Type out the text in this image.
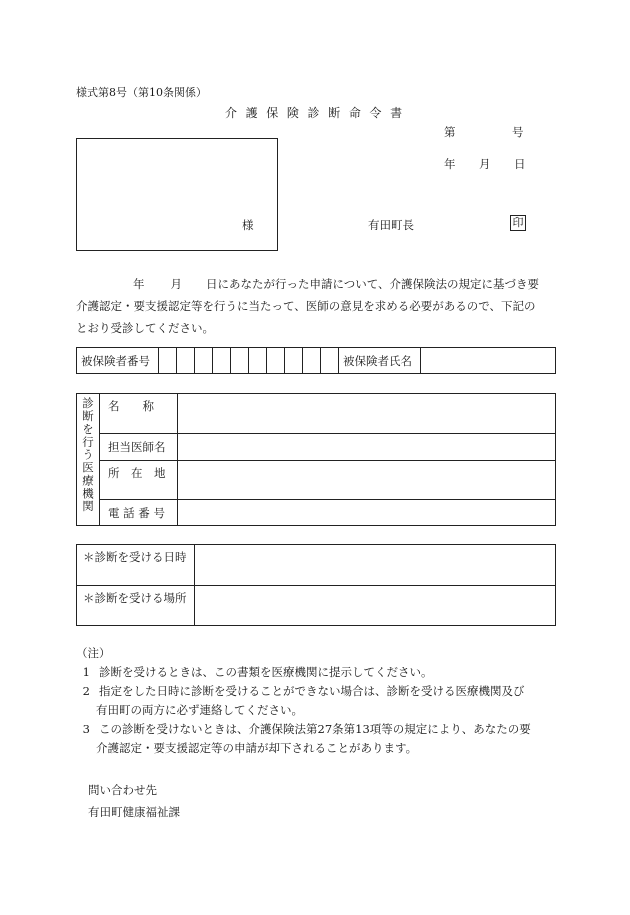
様式第8号（第10条関係）
介護保険診断命令書
第	号
年 月 日
様	有田町長	印

年 月 日にあなたが行った申請について、介護保険法の規定に基づき要

介護認定・要支援認定等を行うに当たって、医師の意見を求める必要があるので、下記の

とおり受診してください。

被保険者番号											被保険者氏名	
診断を行う医療機関	名　　称	
	担当医師名	
	所　在　地	
	電 話 番 号	
＊診断を受ける日時	
＊診断を受ける場所	
（注）
1 診断を受けるときは、この書類を医療機関に提示してください。
2 指定をした日時に診断を受けることができない場合は、診断を受ける医療機関及び
有田町の両方に必ず連絡してください。
3 この診断を受けないときは、介護保険法第27条第13項等の規定により、あなたの要
介護認定・要支援認定等の申請が却下されることがあります。
問い合わせ先
有田町健康福祉課
